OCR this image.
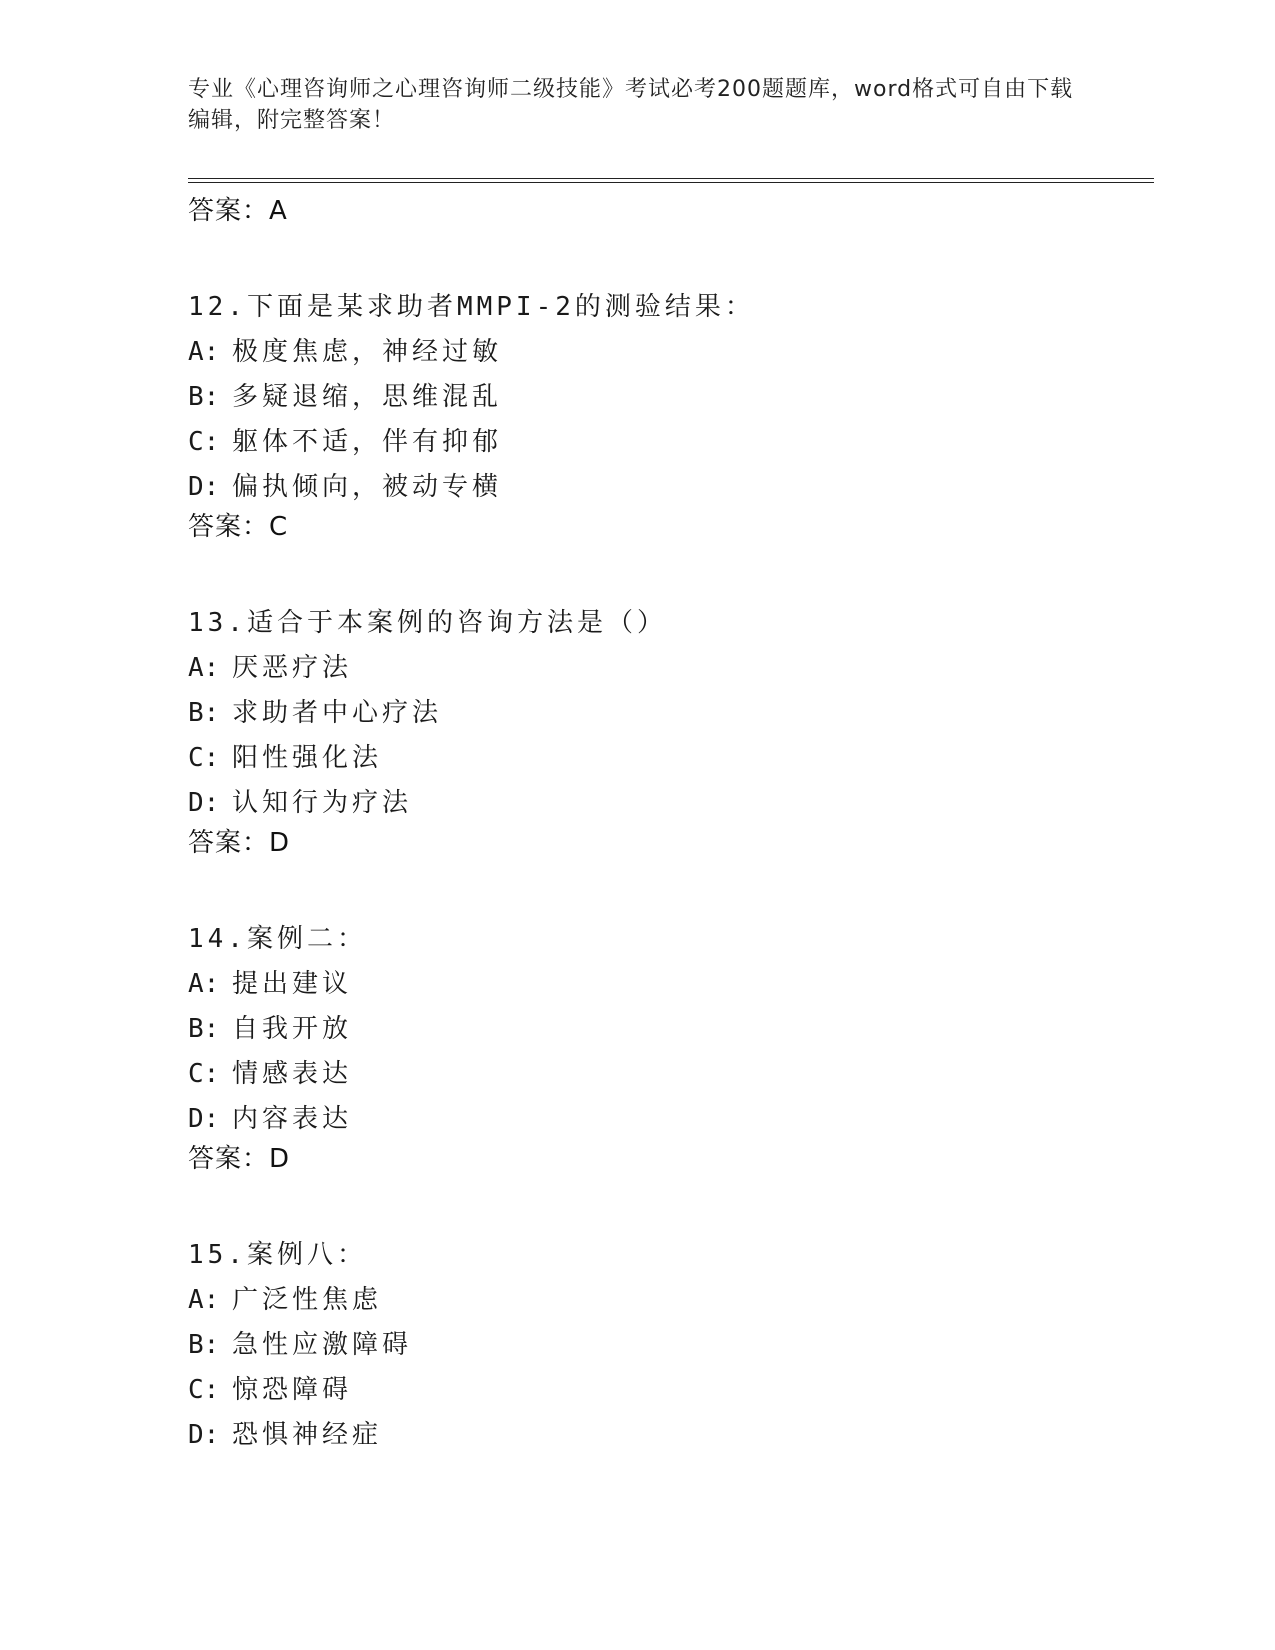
专业《心理咨询师之心理咨询师二级技能》考试必考200题题库，word格式可自由下载编辑，附完整答案！
答案：A
12.下面是某求助者MMPI-2的测验结果：
A: 极度焦虑，神经过敏
B: 多疑退缩，思维混乱
C: 躯体不适，伴有抑郁
D: 偏执倾向，被动专横
答案：C
13.适合于本案例的咨询方法是（）
A: 厌恶疗法
B: 求助者中心疗法
C: 阳性强化法
D: 认知行为疗法
答案：D
14.案例二：
A: 提出建议
B: 自我开放
C: 情感表达
D: 内容表达
答案：D
15.案例八：
A: 广泛性焦虑
B: 急性应激障碍
C: 惊恐障碍
D: 恐惧神经症
